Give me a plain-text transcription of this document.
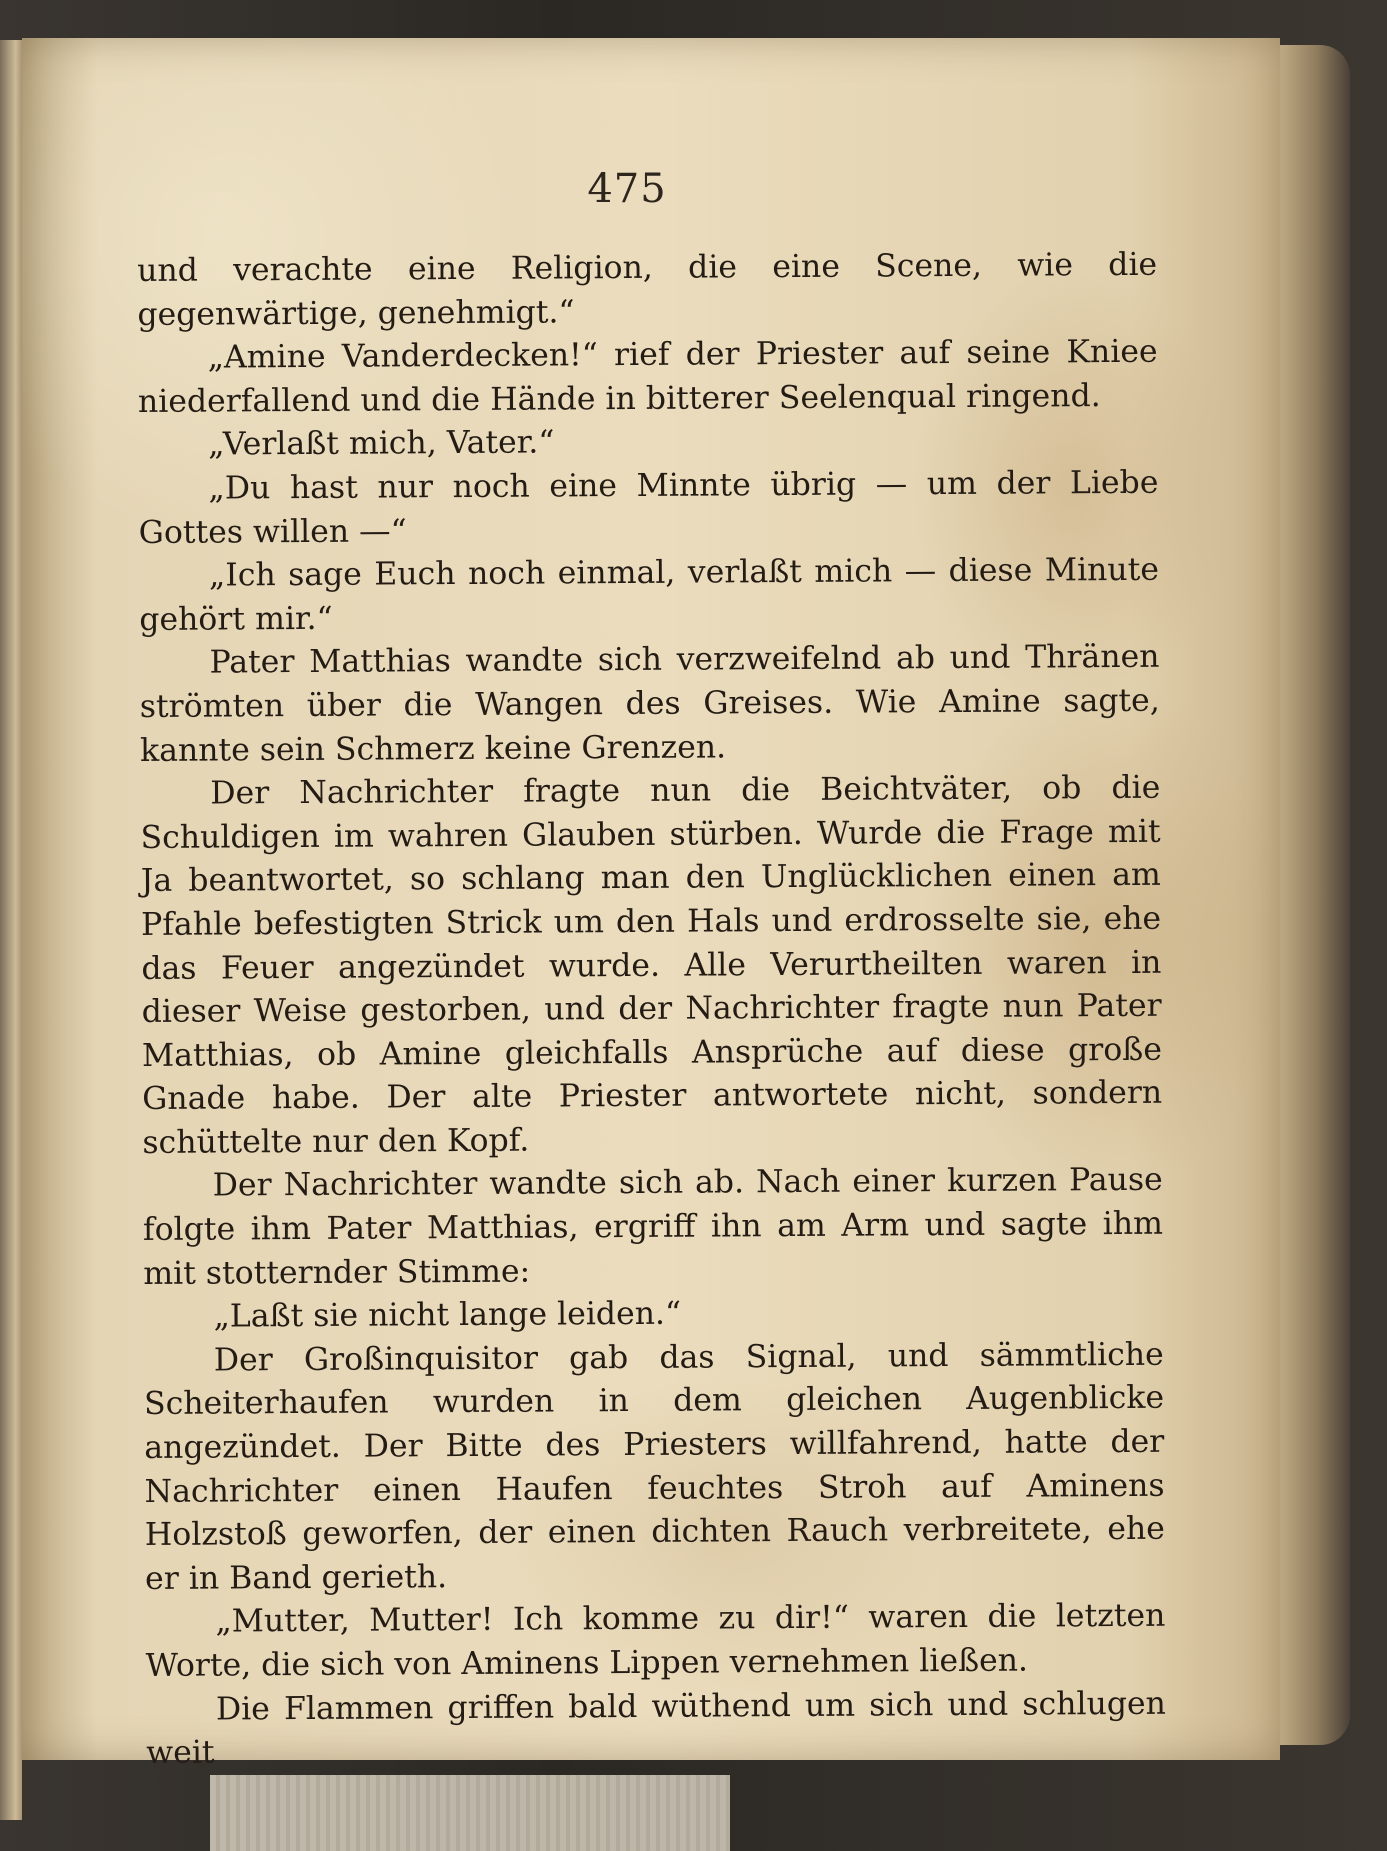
475

und verachte eine Religion, die eine Scene, wie die gegenwärtige, genehmigt.“

„Amine Vanderdecken!“ rief der Priester auf seine Kniee niederfallend und die Hände in bitterer Seelenqual ringend.

„Verlaßt mich, Vater.“

„Du hast nur noch eine Minnte übrig — um der Liebe Gottes willen —“

„Ich sage Euch noch einmal, verlaßt mich — diese Minute gehört mir.“

Pater Matthias wandte sich verzweifelnd ab und Thränen strömten über die Wangen des Greises. Wie Amine sagte, kannte sein Schmerz keine Grenzen.

Der Nachrichter fragte nun die Beichtväter, ob die Schuldigen im wahren Glauben stürben. Wurde die Frage mit Ja beantwortet, so schlang man den Unglücklichen einen am Pfahle befestigten Strick um den Hals und erdrosselte sie, ehe das Feuer angezündet wurde. Alle Verurtheilten waren in dieser Weise gestorben, und der Nachrichter fragte nun Pater Matthias, ob Amine gleichfalls Ansprüche auf diese große Gnade habe. Der alte Priester antwortete nicht, sondern schüttelte nur den Kopf.

Der Nachrichter wandte sich ab. Nach einer kurzen Pause folgte ihm Pater Matthias, ergriff ihn am Arm und sagte ihm mit stotternder Stimme:

„Laßt sie nicht lange leiden.“

Der Großinquisitor gab das Signal, und sämmtliche Scheiterhaufen wurden in dem gleichen Augenblicke angezündet. Der Bitte des Priesters willfahrend, hatte der Nachrichter einen Haufen feuchtes Stroh auf Aminens Holzstoß geworfen, der einen dichten Rauch verbreitete, ehe er in Band gerieth.

„Mutter, Mutter! Ich komme zu dir!“ waren die letzten Worte, die sich von Aminens Lippen vernehmen ließen.

Die Flammen griffen bald wüthend um sich und schlugen weit
